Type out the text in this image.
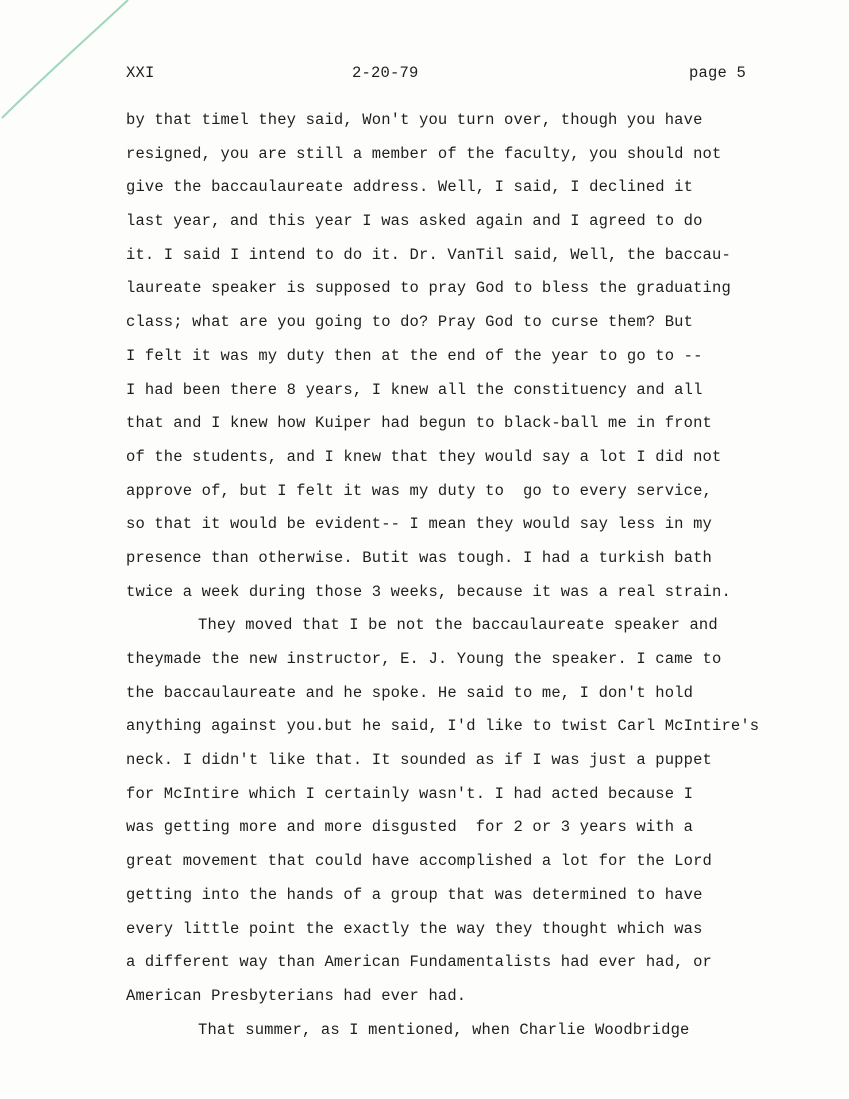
XXI	2-20-79	page 5
by that timel they said, Won't you turn over, though you have
resigned, you are still a member of the faculty, you should not
give the baccaulaureate address. Well, I said, I declined it
last year, and this year I was asked again and I agreed to do
it. I said I intend to do it. Dr. VanTil said, Well, the baccau-
laureate speaker is supposed to pray God to bless the graduating
class; what are you going to do? Pray God to curse them? But
I felt it was my duty then at the end of the year to go to --
I had been there 8 years, I knew all the constituency and all
that and I knew how Kuiper had begun to black-ball me in front
of the students, and I knew that they would say a lot I did not
approve of, but I felt it was my duty to  go to every service,
so that it would be evident-- I mean they would say less in my
presence than otherwise. Butit was tough. I had a turkish bath
twice a week during those 3 weeks, because it was a real strain.
They moved that I be not the baccaulaureate speaker and
theymade the new instructor, E. J. Young the speaker. I came to
the baccaulaureate and he spoke. He said to me, I don't hold
anything against you.but he said, I'd like to twist Carl McIntire's
neck. I didn't like that. It sounded as if I was just a puppet
for McIntire which I certainly wasn't. I had acted because I
was getting more and more disgusted  for 2 or 3 years with a
great movement that could have accomplished a lot for the Lord
getting into the hands of a group that was determined to have
every little point the exactly the way they thought which was
a different way than American Fundamentalists had ever had, or
American Presbyterians had ever had.
That summer, as I mentioned, when Charlie Woodbridge
